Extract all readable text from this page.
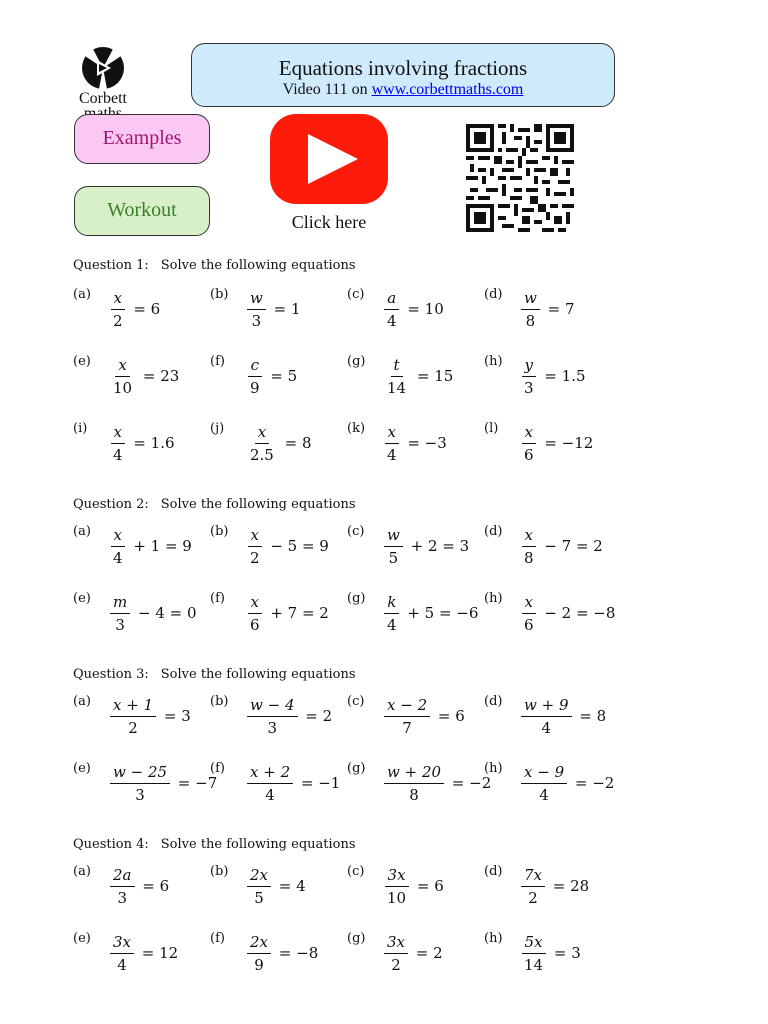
Corbett
Equations involving fractions
Video 111 on www.corbettmaths.com
Examples
Workout
Click here
Question 1: Solve the following equations
Question 2: Solve the following equations
Question 3: Solve the following equations
Question 4: Solve the following equations
(a)	$\frac{x}{2} = 6$
(b)	$\frac{w}{3} = 1$
(c)	$\frac{a}{4} = 10$
(d)	$\frac{w}{8} = 7$
(e)	$\frac{x}{10} = 23$
(f)	$\frac{c}{9} = 5$
(g)	$\frac{t}{14} = 15$
(h)	$\frac{y}{3} = 1.5$
(i)	$\frac{x}{4} = 1.6$
(j)	$\frac{x}{2.5} = 8$
(k)	$\frac{x}{4} = -3$
(l)	$\frac{x}{6} = -12$
(a)	$\frac{x}{4} + 1 = 9$
(b)	$\frac{x}{2} - 5 = 9$
(c)	$\frac{w}{5} + 2 = 3$
(d)	$\frac{x}{8} - 7 = 2$
(e)	$\frac{m}{3} - 4 = 0$
(f)	$\frac{x}{6} + 7 = 2$
(g)	$\frac{k}{4} + 5 = -6$
(h)	$\frac{x}{6} - 2 = -8$
(a)	$\frac{x + 1}{2} = 3$
(b)	$\frac{w - 4}{3} = 2$
(c)	$\frac{x - 2}{7} = 6$
(d)	$\frac{w + 9}{4} = 8$
(e)	$\frac{w - 25}{3} = -7$
(f)	$\frac{x + 2}{4} = -1$
(g)	$\frac{w + 20}{8} = -2$
(h)	$\frac{x - 9}{4} = -2$
(a)	$\frac{2a}{3} = 6$
(b)	$\frac{2x}{5} = 4$
(c)	$\frac{3x}{10} = 6$
(d)	$\frac{7x}{2} = 28$
(e)	$\frac{3x}{4} = 12$
(f)	$\frac{2x}{9} = -8$
(g)	$\frac{3x}{2} = 2$
(h)	$\frac{5x}{14} = 3$
